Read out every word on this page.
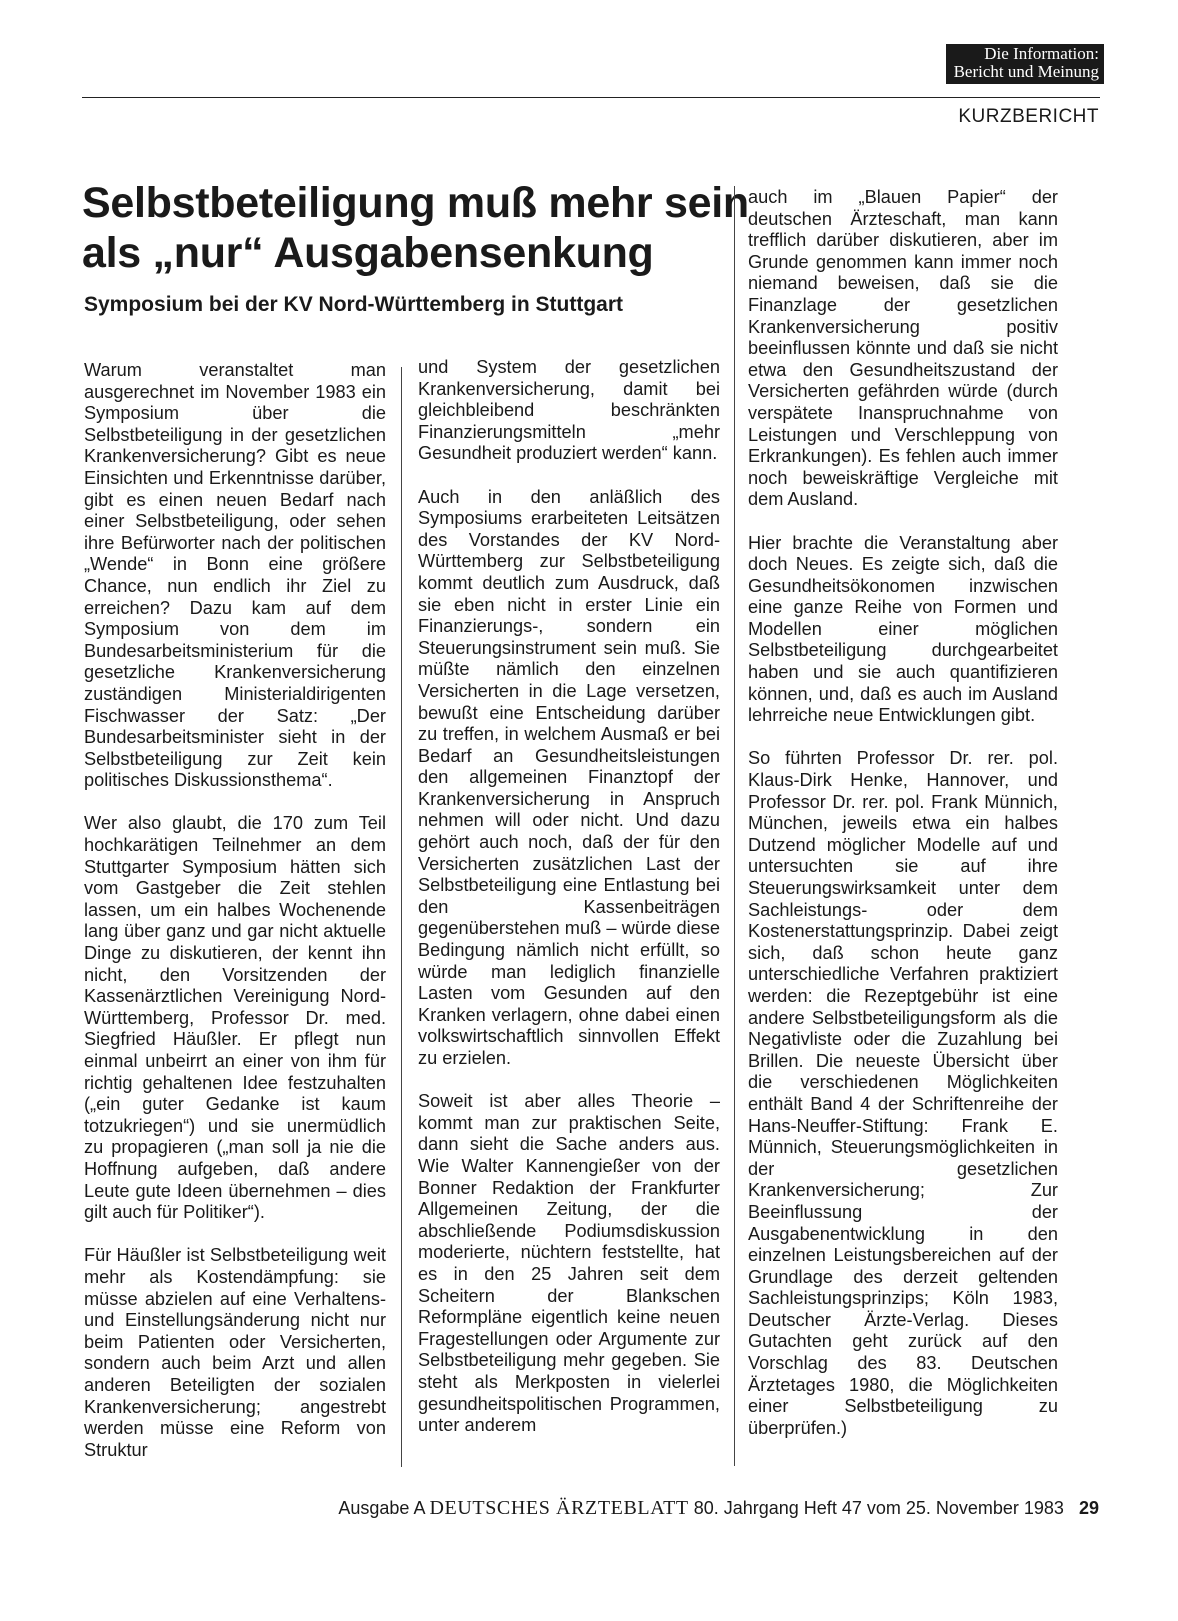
Die Information:
Bericht und Meinung
KURZBERICHT
Selbstbeteiligung muß mehr sein als „nur“ Ausgabensenkung
Symposium bei der KV Nord-Württemberg in Stuttgart

Warum veranstaltet man ausgerechnet im November 1983 ein Symposium über die Selbstbeteiligung in der gesetzlichen Krankenversicherung? Gibt es neue Einsichten und Erkenntnisse darüber, gibt es einen neuen Bedarf nach einer Selbstbeteiligung, oder sehen ihre Befürworter nach der politischen „Wende“ in Bonn eine größere Chance, nun endlich ihr Ziel zu erreichen? Dazu kam auf dem Symposium von dem im Bundesarbeitsministerium für die gesetzliche Krankenversicherung zuständigen Ministerialdirigenten Fischwasser der Satz: „Der Bundesarbeitsminister sieht in der Selbstbeteiligung zur Zeit kein politisches Diskussionsthema“.

Wer also glaubt, die 170 zum Teil hochkarätigen Teilnehmer an dem Stuttgarter Symposium hätten sich vom Gastgeber die Zeit stehlen lassen, um ein halbes Wochenende lang über ganz und gar nicht aktuelle Dinge zu diskutieren, der kennt ihn nicht, den Vorsitzenden der Kassenärztlichen Vereinigung Nord-Württemberg, Professor Dr. med. Siegfried Häußler. Er pflegt nun einmal unbeirrt an einer von ihm für richtig gehaltenen Idee festzuhalten („ein guter Gedanke ist kaum totzukriegen“) und sie unermüdlich zu propagieren („man soll ja nie die Hoffnung aufgeben, daß andere Leute gute Ideen übernehmen – dies gilt auch für Politiker“).

Für Häußler ist Selbstbeteiligung weit mehr als Kostendämpfung: sie müsse abzielen auf eine Verhaltens- und Einstellungsänderung nicht nur beim Patienten oder Versicherten, sondern auch beim Arzt und allen anderen Beteiligten der sozialen Krankenversicherung; angestrebt werden müsse eine Reform von Struktur

und System der gesetzlichen Krankenversicherung, damit bei gleichbleibend beschränkten Finanzierungsmitteln „mehr Gesundheit produziert werden“ kann.

Auch in den anläßlich des Symposiums erarbeiteten Leitsätzen des Vorstandes der KV Nord-Württemberg zur Selbstbeteiligung kommt deutlich zum Ausdruck, daß sie eben nicht in erster Linie ein Finanzierungs-, sondern ein Steuerungsinstrument sein muß. Sie müßte nämlich den einzelnen Versicherten in die Lage versetzen, bewußt eine Entscheidung darüber zu treffen, in welchem Ausmaß er bei Bedarf an Gesundheitsleistungen den allgemeinen Finanztopf der Krankenversicherung in Anspruch nehmen will oder nicht. Und dazu gehört auch noch, daß der für den Versicherten zusätzlichen Last der Selbstbeteiligung eine Entlastung bei den Kassenbeiträgen gegenüberstehen muß – würde diese Bedingung nämlich nicht erfüllt, so würde man lediglich finanzielle Lasten vom Gesunden auf den Kranken verlagern, ohne dabei einen volkswirtschaftlich sinnvollen Effekt zu erzielen.

Soweit ist aber alles Theorie – kommt man zur praktischen Seite, dann sieht die Sache anders aus. Wie Walter Kannengießer von der Bonner Redaktion der Frankfurter Allgemeinen Zeitung, der die abschließende Podiumsdiskussion moderierte, nüchtern feststellte, hat es in den 25 Jahren seit dem Scheitern der Blankschen Reformpläne eigentlich keine neuen Fragestellungen oder Argumente zur Selbstbeteiligung mehr gegeben. Sie steht als Merkposten in vielerlei gesundheitspolitischen Programmen, unter anderem

auch im „Blauen Papier“ der deutschen Ärzteschaft, man kann trefflich darüber diskutieren, aber im Grunde genommen kann immer noch niemand beweisen, daß sie die Finanzlage der gesetzlichen Krankenversicherung positiv beeinflussen könnte und daß sie nicht etwa den Gesundheitszustand der Versicherten gefährden würde (durch verspätete Inanspruchnahme von Leistungen und Verschleppung von Erkrankungen). Es fehlen auch immer noch beweiskräftige Vergleiche mit dem Ausland.

Hier brachte die Veranstaltung aber doch Neues. Es zeigte sich, daß die Gesundheitsökonomen inzwischen eine ganze Reihe von Formen und Modellen einer möglichen Selbstbeteiligung durchgearbeitet haben und sie auch quantifizieren können, und, daß es auch im Ausland lehrreiche neue Entwicklungen gibt.

So führten Professor Dr. rer. pol. Klaus-Dirk Henke, Hannover, und Professor Dr. rer. pol. Frank Münnich, München, jeweils etwa ein halbes Dutzend möglicher Modelle auf und untersuchten sie auf ihre Steuerungswirksamkeit unter dem Sachleistungs- oder dem Kostenerstattungsprinzip. Dabei zeigt sich, daß schon heute ganz unterschiedliche Verfahren praktiziert werden: die Rezeptgebühr ist eine andere Selbstbeteiligungsform als die Negativliste oder die Zuzahlung bei Brillen. Die neueste Übersicht über die verschiedenen Möglichkeiten enthält Band 4 der Schriftenreihe der Hans-Neuffer-Stiftung: Frank E. Münnich, Steuerungsmöglichkeiten in der gesetzlichen Krankenversicherung; Zur Beeinflussung der Ausgabenentwicklung in den einzelnen Leistungsbereichen auf der Grundlage des derzeit geltenden Sachleistungsprinzips; Köln 1983, Deutscher Ärzte-Verlag. Dieses Gutachten geht zurück auf den Vorschlag des 83. Deutschen Ärztetages 1980, die Möglichkeiten einer Selbstbeteiligung zu überprüfen.)

Ausgabe A DEUTSCHES ÄRZTEBLATT 80. Jahrgang Heft 47 vom 25. November 1983 29
